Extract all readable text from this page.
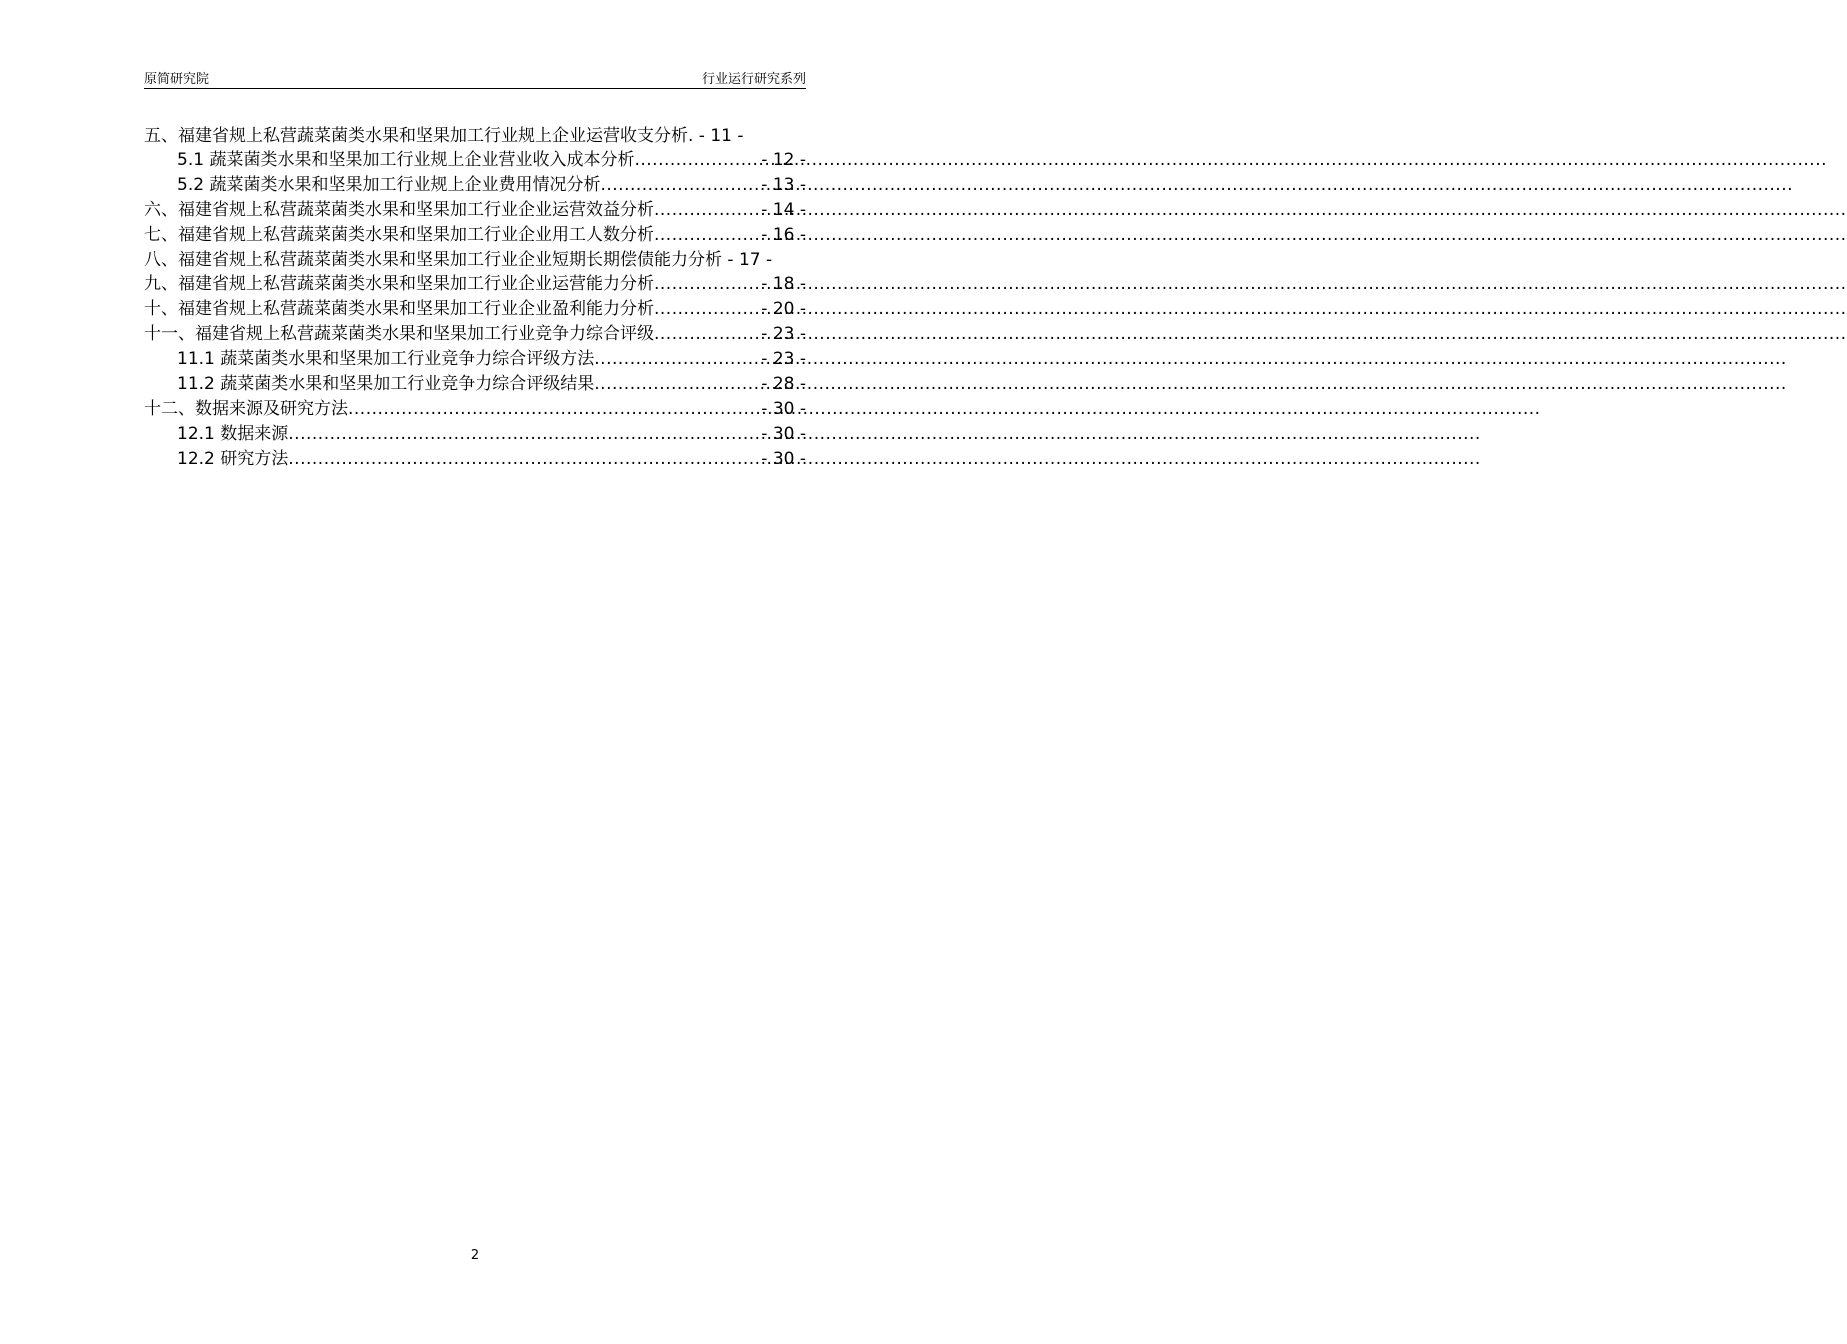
原简研究院	行业运行研究系列
五、福建省规上私营蔬菜菌类水果和坚果加工行业规上企业运营收支分析. - 11 -
5.1 蔬菜菌类水果和坚果加工行业规上企业营业收入成本分析 .....	- 12 -
5.2 蔬菜菌类水果和坚果加工行业规上企业费用情况分析 .....	- 13 -
六、福建省规上私营蔬菜菌类水果和坚果加工行业企业运营效益分析 .....	- 14 -
七、福建省规上私营蔬菜菌类水果和坚果加工行业企业用工人数分析 .....	- 16 -
八、福建省规上私营蔬菜菌类水果和坚果加工行业企业短期长期偿债能力分析 - 17 -
九、福建省规上私营蔬菜菌类水果和坚果加工行业企业运营能力分析 .....	- 18 -
十、福建省规上私营蔬菜菌类水果和坚果加工行业企业盈利能力分析 .....	- 20 -
十一、福建省规上私营蔬菜菌类水果和坚果加工行业竞争力综合评级 .....	- 23 -
11.1 蔬菜菌类水果和坚果加工行业竞争力综合评级方法 .....	- 23 -
11.2 蔬菜菌类水果和坚果加工行业竞争力综合评级结果 .....	- 28 -
十二、数据来源及研究方法 .....	- 30 -
12.1 数据来源 .....	- 30 -
12.2 研究方法 .....	- 30 -
2
